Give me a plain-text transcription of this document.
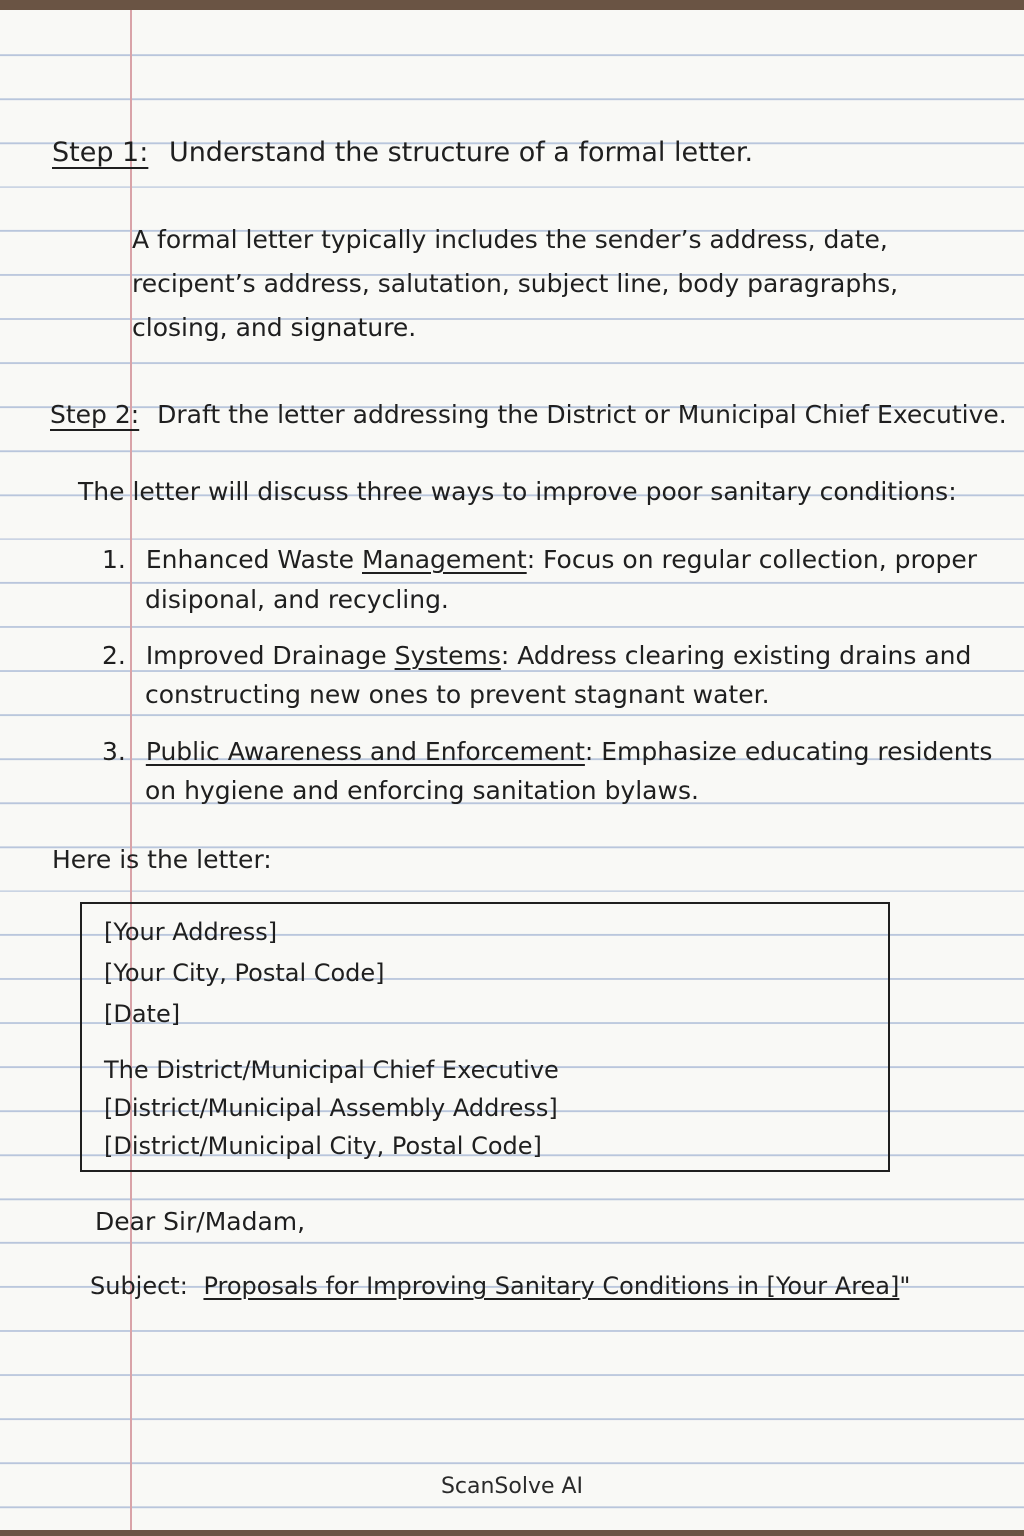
Step 1: Understand the structure of a formal letter.
A formal letter typically includes the sender’s address, date,
recipent’s address, salutation, subject line, body paragraphs,
closing, and signature.
Step 2: Draft the letter addressing the District or Municipal Chief Executive.
The letter will discuss three ways to improve poor sanitary conditions:
1. Enhanced Waste Management: Focus on regular collection, proper
disiponal, and recycling.
2. Improved Drainage Systems: Address clearing existing drains and
constructing new ones to prevent stagnant water.
3. Public Awareness and Enforcement: Emphasize educating residents
on hygiene and enforcing sanitation bylaws.
Here is the letter:
[Your Address]
[Your City, Postal Code]
[Date]
The District/Municipal Chief Executive
[District/Municipal Assembly Address]
[District/Municipal City, Postal Code]
Dear Sir/Madam,
Subject: Proposals for Improving Sanitary Conditions in [Your Area]"
ScanSolve AI
